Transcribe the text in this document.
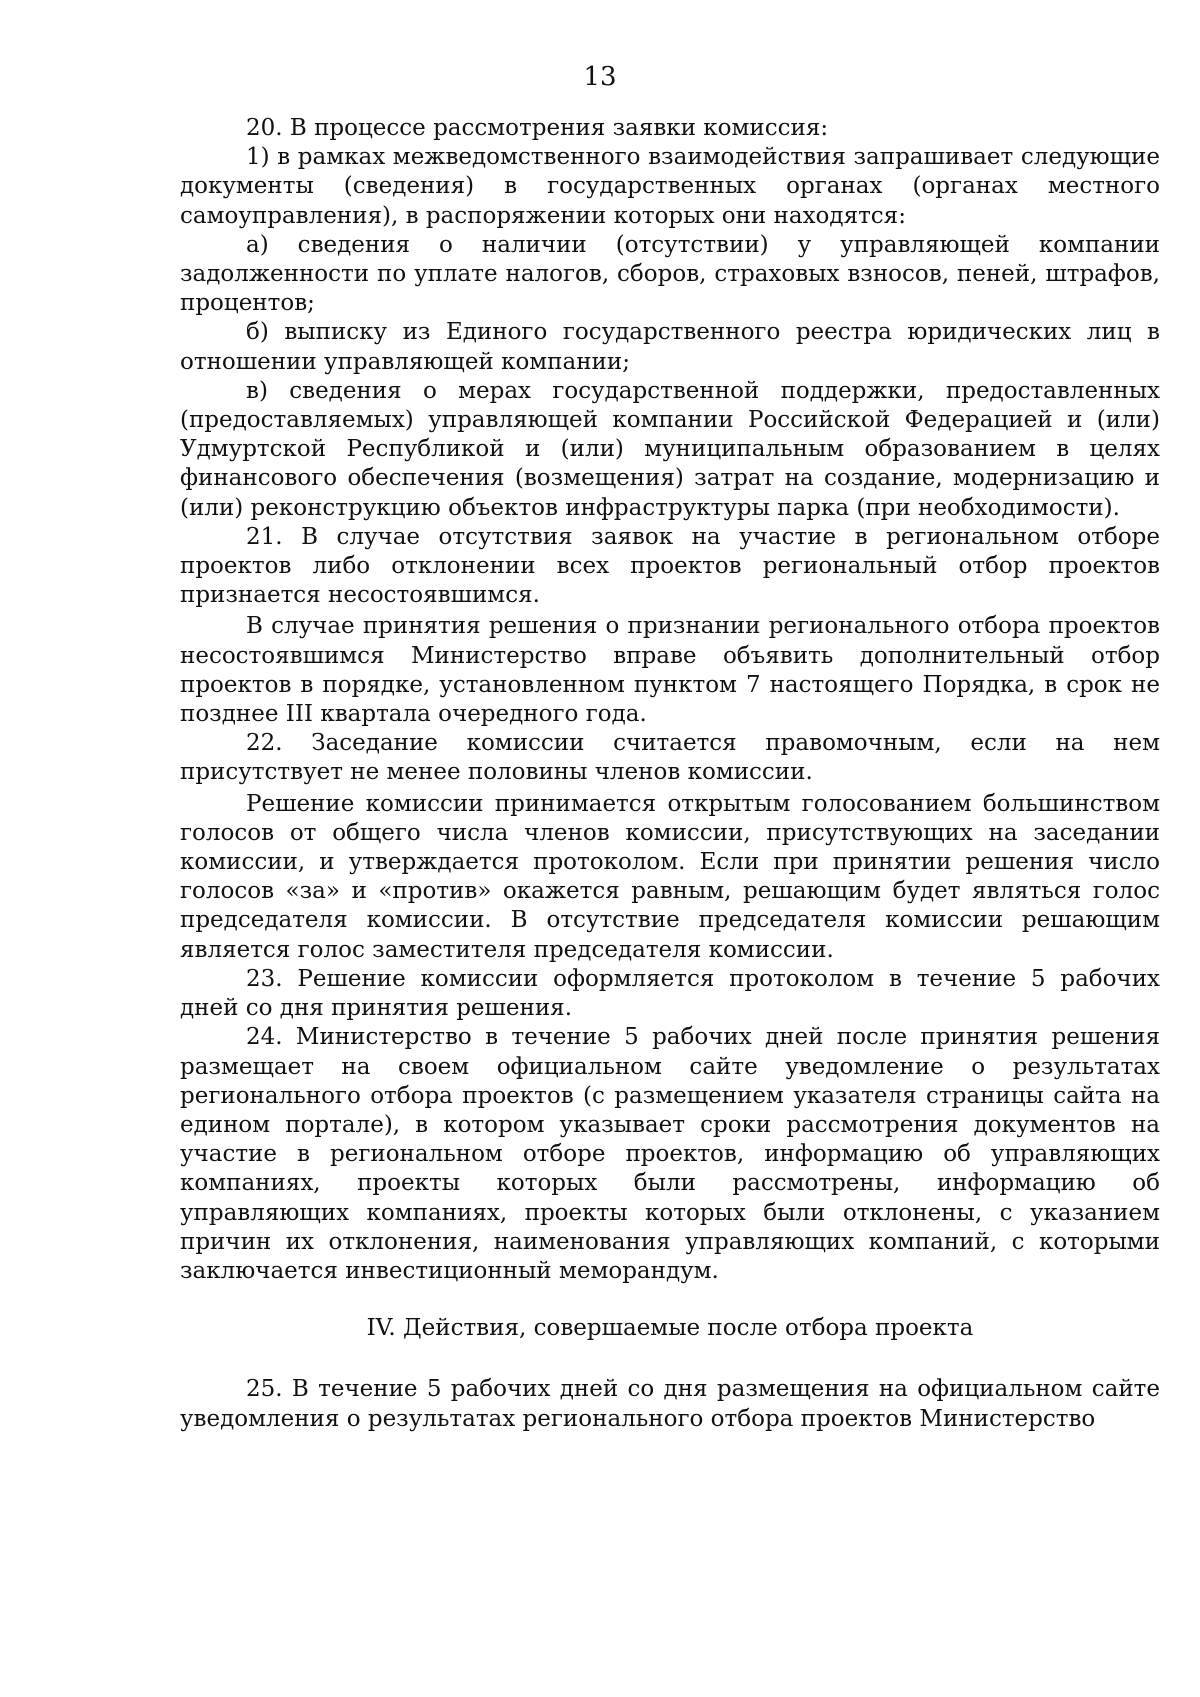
13

20. В процессе рассмотрения заявки комиссия:

1) в рамках межведомственного взаимодействия запрашивает следующие документы (сведения) в государственных органах (органах местного самоуправления), в распоряжении которых они находятся:

а) сведения о наличии (отсутствии) у управляющей компании задолженности по уплате налогов, сборов, страховых взносов, пеней, штрафов, процентов;

б) выписку из Единого государственного реестра юридических лиц в отношении управляющей компании;

в) сведения о мерах государственной поддержки, предоставленных (предоставляемых) управляющей компании Российской Федерацией и (или) Удмуртской Республикой и (или) муниципальным образованием в целях финансового обеспечения (возмещения) затрат на создание, модернизацию и (или) реконструкцию объектов инфраструктуры парка (при необходимости).

21. В случае отсутствия заявок на участие в региональном отборе проектов либо отклонении всех проектов региональный отбор проектов признается несостоявшимся.

В случае принятия решения о признании регионального отбора проектов несостоявшимся Министерство вправе объявить дополнительный отбор проектов в порядке, установленном пунктом 7 настоящего Порядка, в срок не позднее III квартала очередного года.

22. Заседание комиссии считается правомочным, если на нем присутствует не менее половины членов комиссии.

Решение комиссии принимается открытым голосованием большинством голосов от общего числа членов комиссии, присутствующих на заседании комиссии, и утверждается протоколом. Если при принятии решения число голосов «за» и «против» окажется равным, решающим будет являться голос председателя комиссии. В отсутствие председателя комиссии решающим является голос заместителя председателя комиссии.

23. Решение комиссии оформляется протоколом в течение 5 рабочих дней со дня принятия решения.

24. Министерство в течение 5 рабочих дней после принятия решения размещает на своем официальном сайте уведомление о результатах регионального отбора проектов (с размещением указателя страницы сайта на едином портале), в котором указывает сроки рассмотрения документов на участие в региональном отборе проектов, информацию об управляющих компаниях, проекты которых были рассмотрены, информацию об управляющих компаниях, проекты которых были отклонены, с указанием причин их отклонения, наименования управляющих компаний, с которыми заключается инвестиционный меморандум.

IV. Действия, совершаемые после отбора проекта

25. В течение 5 рабочих дней со дня размещения на официальном сайте уведомления о результатах регионального отбора проектов Министерство
